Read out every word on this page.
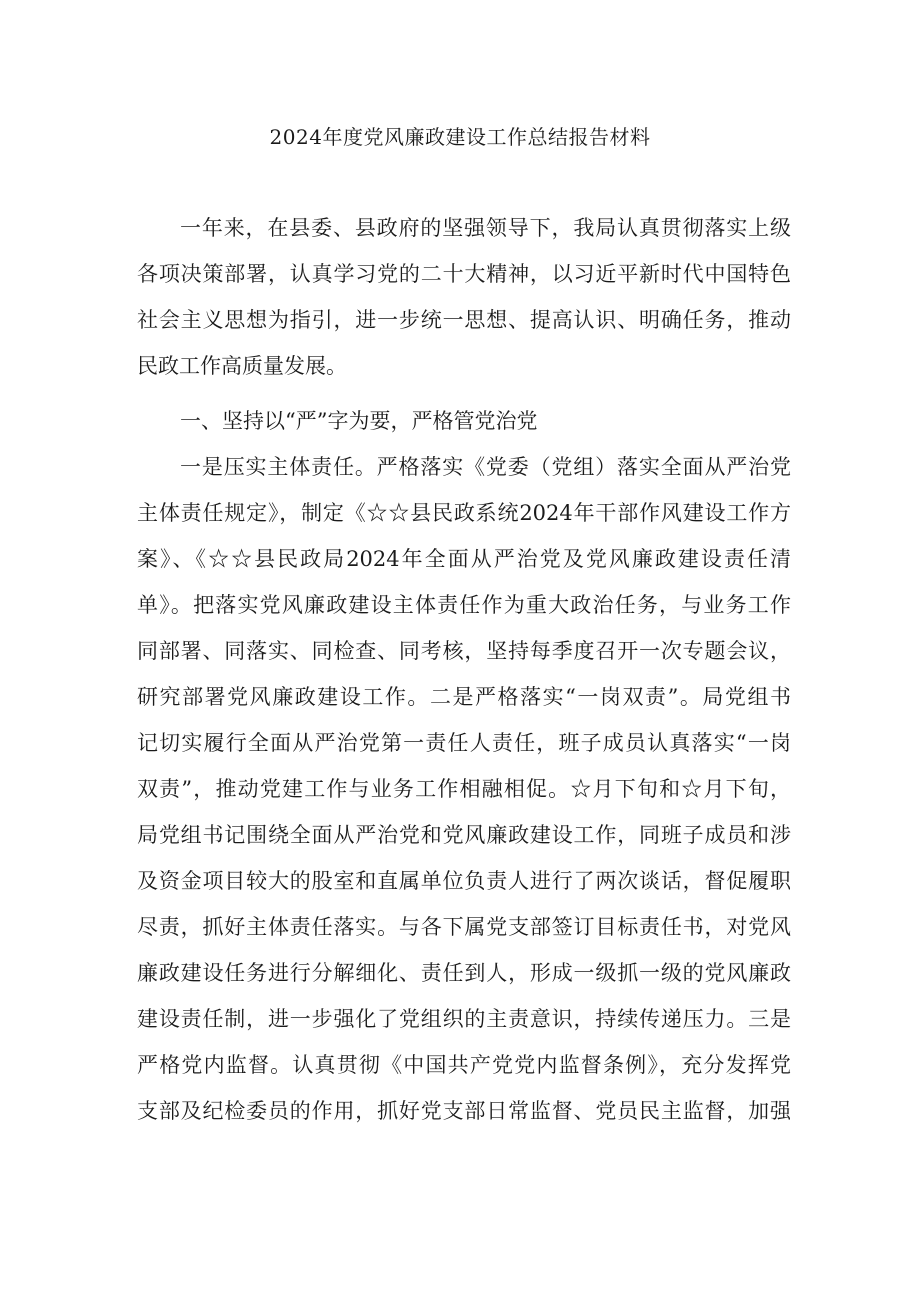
2024年度党风廉政建设工作总结报告材料
一年来，在县委、县政府的坚强领导下，我局认真贯彻落实上级
各项决策部署，认真学习党的二十大精神，以习近平新时代中国特色
社会主义思想为指引，进一步统一思想、提高认识、明确任务，推动
民政工作高质量发展。
一、坚持以“严”字为要，严格管党治党
一是压实主体责任。严格落实《党委（党组）落实全面从严治党
主体责任规定》，制定《☆☆县民政系统2024年干部作风建设工作方
案》、《☆☆县民政局2024年全面从严治党及党风廉政建设责任清
单》。把落实党风廉政建设主体责任作为重大政治任务，与业务工作
同部署、同落实、同检查、同考核，坚持每季度召开一次专题会议，
研究部署党风廉政建设工作。二是严格落实“一岗双责”。局党组书
记切实履行全面从严治党第一责任人责任，班子成员认真落实“一岗
双责”，推动党建工作与业务工作相融相促。☆月下旬和☆月下旬，
局党组书记围绕全面从严治党和党风廉政建设工作，同班子成员和涉
及资金项目较大的股室和直属单位负责人进行了两次谈话，督促履职
尽责，抓好主体责任落实。与各下属党支部签订目标责任书，对党风
廉政建设任务进行分解细化、责任到人，形成一级抓一级的党风廉政
建设责任制，进一步强化了党组织的主责意识，持续传递压力。三是
严格党内监督。认真贯彻《中国共产党党内监督条例》，充分发挥党
支部及纪检委员的作用，抓好党支部日常监督、党员民主监督，加强
